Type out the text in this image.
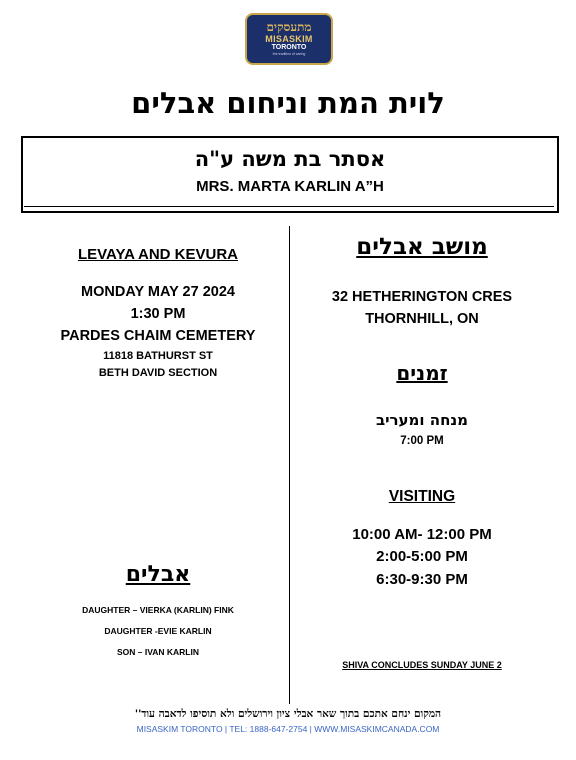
מתעסקים
MISASKIM
TORONTO
the tradition of caring
לוית המת וניחום אבלים
אסתר בת משה ע"ה
MRS. MARTA KARLIN A”H
LEVAYA AND KEVURA
MONDAY MAY 27 2024
1:30 PM
PARDES CHAIM CEMETERY
11818 BATHURST ST
BETH DAVID SECTION
אבלים
DAUGHTER – VIERKA (KARLIN) FINK
DAUGHTER -EVIE KARLIN
SON – IVAN KARLIN
מושב אבלים
32 HETHERINGTON CRES
THORNHILL, ON
זמנים
מנחה ומעריב
7:00 PM
VISITING
10:00 AM- 12:00 PM
2:00-5:00 PM
6:30-9:30 PM
SHIVA CONCLUDES SUNDAY JUNE 2
המקום ינחם אתכם בתוך שאר אבלי ציון וירושלים ולא תוסיפו לדאבה עוד''
MISASKIM TORONTO | TEL: 1888-647-2754 | WWW.MISASKIMCANADA.COM
